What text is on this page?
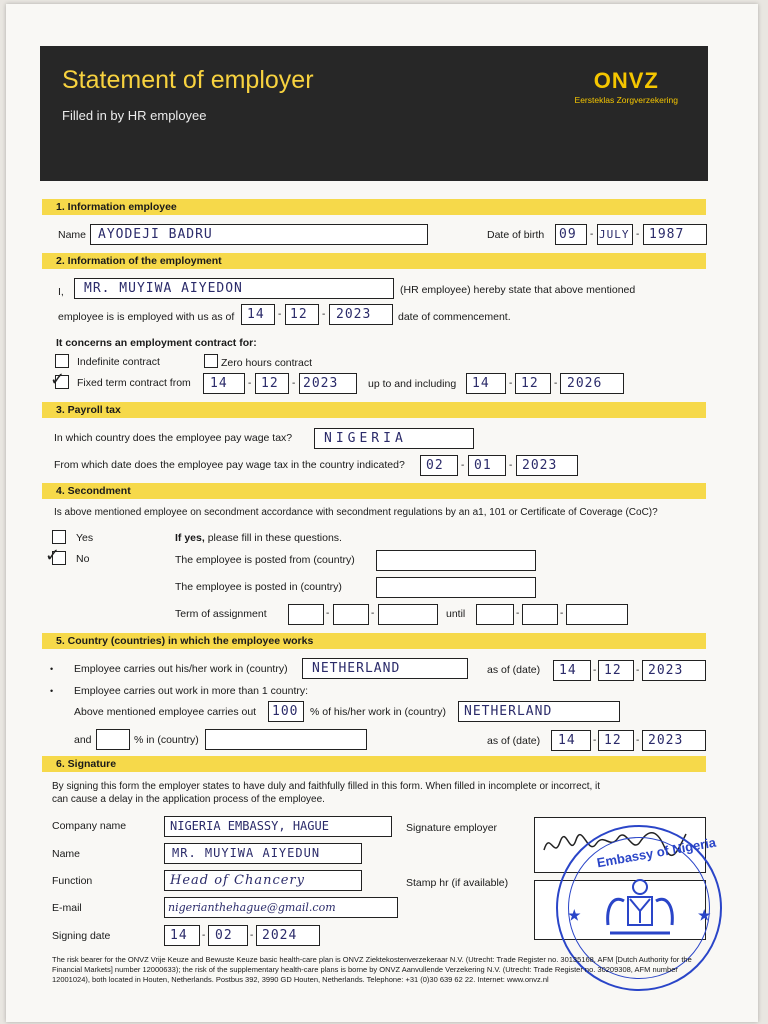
Statement of employer
Filled in by HR employee
ONVZ
Eersteklas Zorgverzekering
1. Information employee
Name AYODEJI BADRU	Date of birth 09 - JULY - 1987
2. Information of the employment
I, MR. MUYIWA AIYEDON	(HR employee) hereby state that above mentioned
employee is is employed with us as of 14 - 12 - 2023	date of commencement.
It concerns an employment contract for:
Indefinite contract	Zero hours contract
✓ Fixed term contract from 14 - 12 - 2023	up to and including 14 - 12 - 2026
3. Payroll tax
In which country does the employee pay wage tax? NIGERIA
From which date does the employee pay wage tax in the country indicated? 02 - 01 - 2023
4. Secondment
Is above mentioned employee on secondment accordance with secondment regulations by an a1, 101 or Certificate of Coverage (CoC)?
Yes
✓ No
If yes, please fill in these questions.
The employee is posted from (country)
The employee is posted in (country)
Term of assignment	-	-	until	-	-
5. Country (countries) in which the employee works
• Employee carries out his/her work in (country) NETHERLAND	as of (date) 14 - 12 - 2023
• Employee carries out work in more than 1 country:
Above mentioned employee carries out 100 % of his/her work in (country) NETHERLAND
and	% in (country)	as of (date) 14 - 12 - 2023
6. Signature
By signing this form the employer states to have duly and faithfully filled in this form. When filled in incomplete or incorrect, it can cause a delay in the application process of the employee.
Company name	NIGERIA EMBASSY, HAGUE	Signature employer
Name	MR. MUYIWA AIYEDUN
Function	Head of Chancery	Stamp hr (if available)
E-mail	nigerianthehague@gmail.com
Signing date	14 - 02 - 2024
Embassy of Nigeria
★	★
The risk bearer for the ONVZ Vrije Keuze and Bewuste Keuze basic health-care plan is ONVZ Ziektekostenverzekeraar N.V. (Utrecht: Trade Register no. 30135168, AFM [Dutch Authority for the Financial Markets] number 12000633); the risk of the supplementary health-care plans is borne by ONVZ Aanvullende Verzekering N.V. (Utrecht: Trade Register no. 30209308, AFM number 12001024), both located in Houten, Netherlands. Postbus 392, 3990 GD Houten, Netherlands. Telephone: +31 (0)30 639 62 22. Internet: www.onvz.nl
